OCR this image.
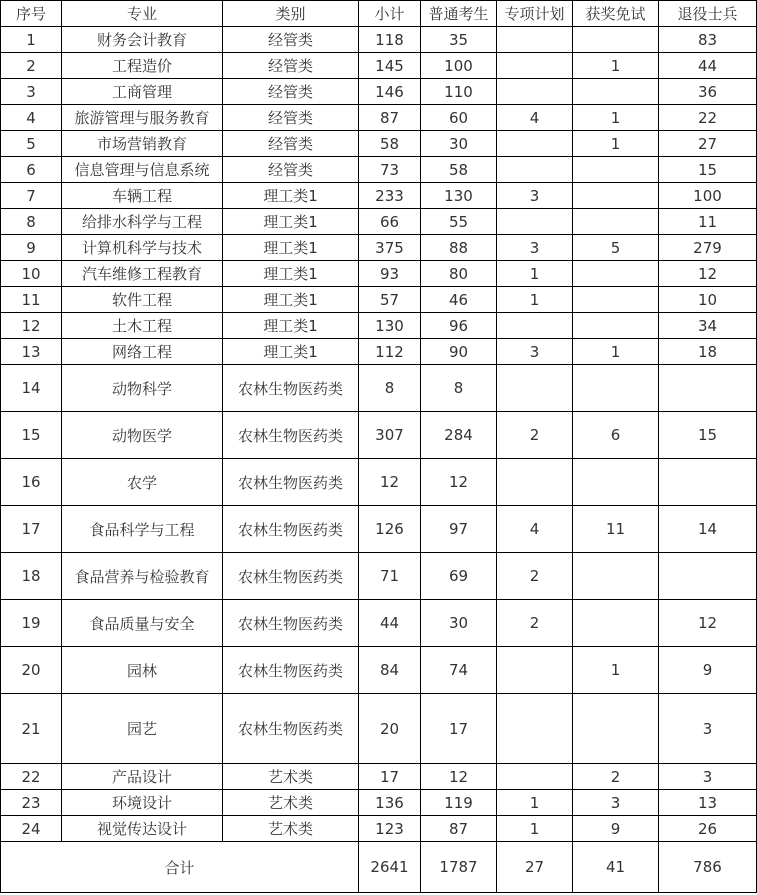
序号	专业	类别	小计	普通考生	专项计划	获奖免试	退役士兵
1	财务会计教育	经管类	118	35			83
2	工程造价	经管类	145	100		1	44
3	工商管理	经管类	146	110			36
4	旅游管理与服务教育	经管类	87	60	4	1	22
5	市场营销教育	经管类	58	30		1	27
6	信息管理与信息系统	经管类	73	58			15
7	车辆工程	理工类1	233	130	3		100
8	给排水科学与工程	理工类1	66	55			11
9	计算机科学与技术	理工类1	375	88	3	5	279
10	汽车维修工程教育	理工类1	93	80	1		12
11	软件工程	理工类1	57	46	1		10
12	土木工程	理工类1	130	96			34
13	网络工程	理工类1	112	90	3	1	18
14	动物科学	农林生物医药类	8	8			
15	动物医学	农林生物医药类	307	284	2	6	15
16	农学	农林生物医药类	12	12			
17	食品科学与工程	农林生物医药类	126	97	4	11	14
18	食品营养与检验教育	农林生物医药类	71	69	2		
19	食品质量与安全	农林生物医药类	44	30	2		12
20	园林	农林生物医药类	84	74		1	9
21	园艺	农林生物医药类	20	17			3
22	产品设计	艺术类	17	12		2	3
23	环境设计	艺术类	136	119	1	3	13
24	视觉传达设计	艺术类	123	87	1	9	26
合计			2641	1787	27	41	786
